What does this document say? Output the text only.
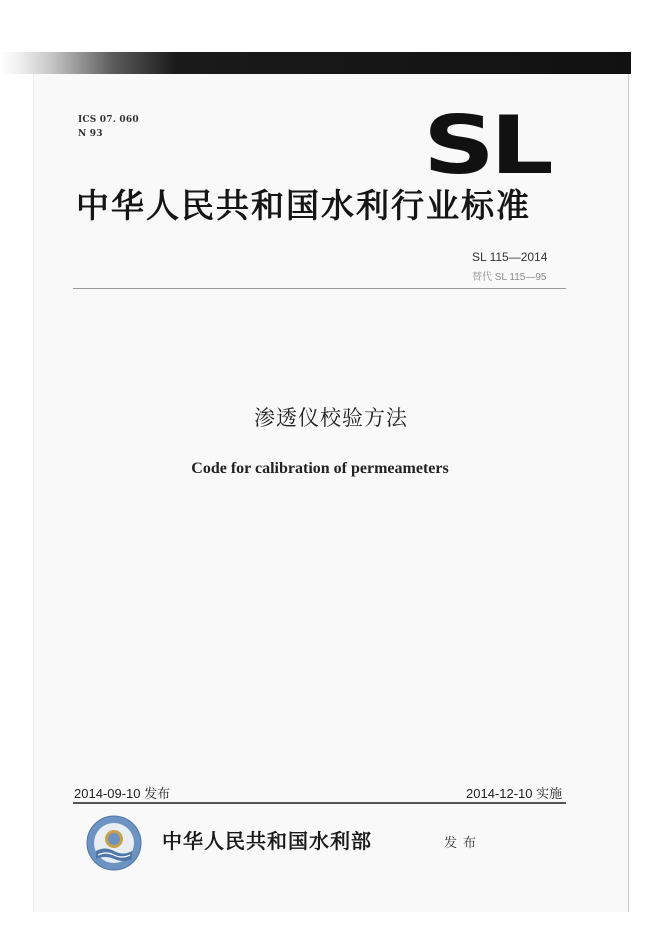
ICS 07. 060
N 93	SL
中华人民共和国水利行业标准
SL 115—2014
替代 SL 115—95
渗透仪校验方法
Code for calibration of permeameters
2014-09-10 发布	2014-12-10 实施
中华人民共和国水利部	发布
